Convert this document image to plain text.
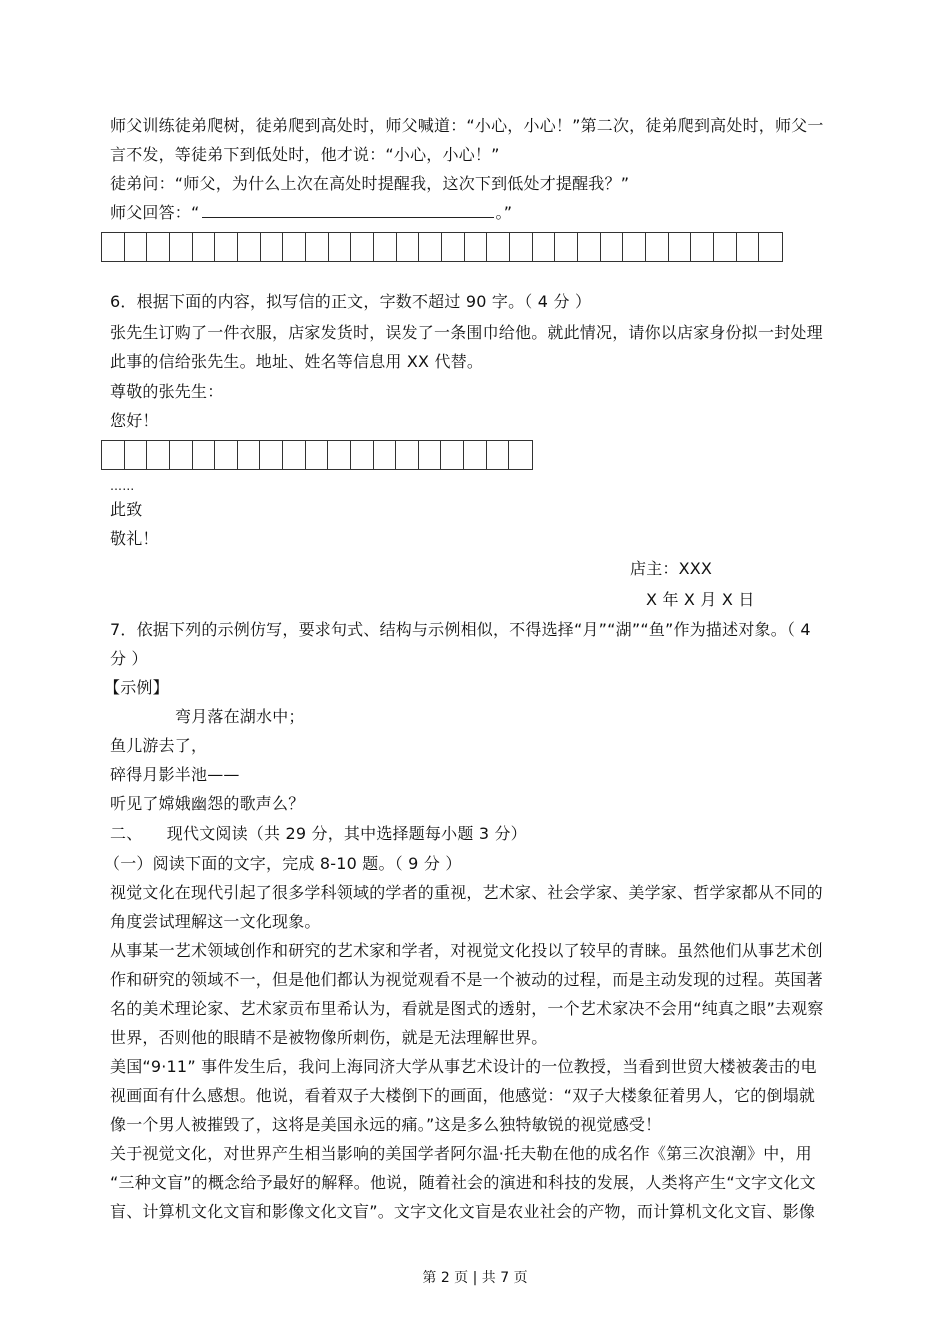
师父训练徒弟爬树，徒弟爬到高处时，师父喊道：“小心，小心！”第二次，徒弟爬到高处时，师父一
言不发，等徒弟下到低处时，他才说：“小心，小心！”
徒弟问：“师父，为什么上次在高处时提醒我，这次下到低处才提醒我？”
师父回答：“	。”
6．根据下面的内容，拟写信的正文，字数不超过 90 字。（ 4 分 ）
张先生订购了一件衣服，店家发货时，误发了一条围巾给他。就此情况，请你以店家身份拟一封处理
此事的信给张先生。地址、姓名等信息用 XX 代替。
尊敬的张先生：
您好！
……
此致
敬礼！
店主：XXX
X 年 X 月 X 日
7．依据下列的示例仿写，要求句式、结构与示例相似，不得选择“月”“湖”“鱼”作为描述对象。（ 4
分 ）
【示例】
弯月落在湖水中；
鱼儿游去了，
碎得月影半池——
听见了嫦娥幽怨的歌声么？
二、　　现代文阅读（共 29 分，其中选择题每小题 3 分）
（一）阅读下面的文字，完成 8-10 题。（ 9 分 ）
视觉文化在现代引起了很多学科领域的学者的重视，艺术家、社会学家、美学家、哲学家都从不同的
角度尝试理解这一文化现象。
从事某一艺术领域创作和研究的艺术家和学者，对视觉文化投以了较早的青睐。虽然他们从事艺术创
作和研究的领域不一，但是他们都认为视觉观看不是一个被动的过程，而是主动发现的过程。英国著
名的美术理论家、艺术家贡布里希认为，看就是图式的透射，一个艺术家决不会用“纯真之眼”去观察
世界，否则他的眼睛不是被物像所刺伤，就是无法理解世界。
美国“9·11” 事件发生后，我问上海同济大学从事艺术设计的一位教授，当看到世贸大楼被袭击的电
视画面有什么感想。他说，看着双子大楼倒下的画面，他感觉：“双子大楼象征着男人，它的倒塌就
像一个男人被摧毁了，这将是美国永远的痛。”这是多么独特敏锐的视觉感受！
关于视觉文化，对世界产生相当影响的美国学者阿尔温·托夫勒在他的成名作《第三次浪潮》中，用
“三种文盲”的概念给予最好的解释。他说，随着社会的演进和科技的发展，人类将产生“文字文化文
盲、计算机文化文盲和影像文化文盲”。文字文化文盲是农业社会的产物，而计算机文化文盲、影像
第 2 页 | 共 7 页
